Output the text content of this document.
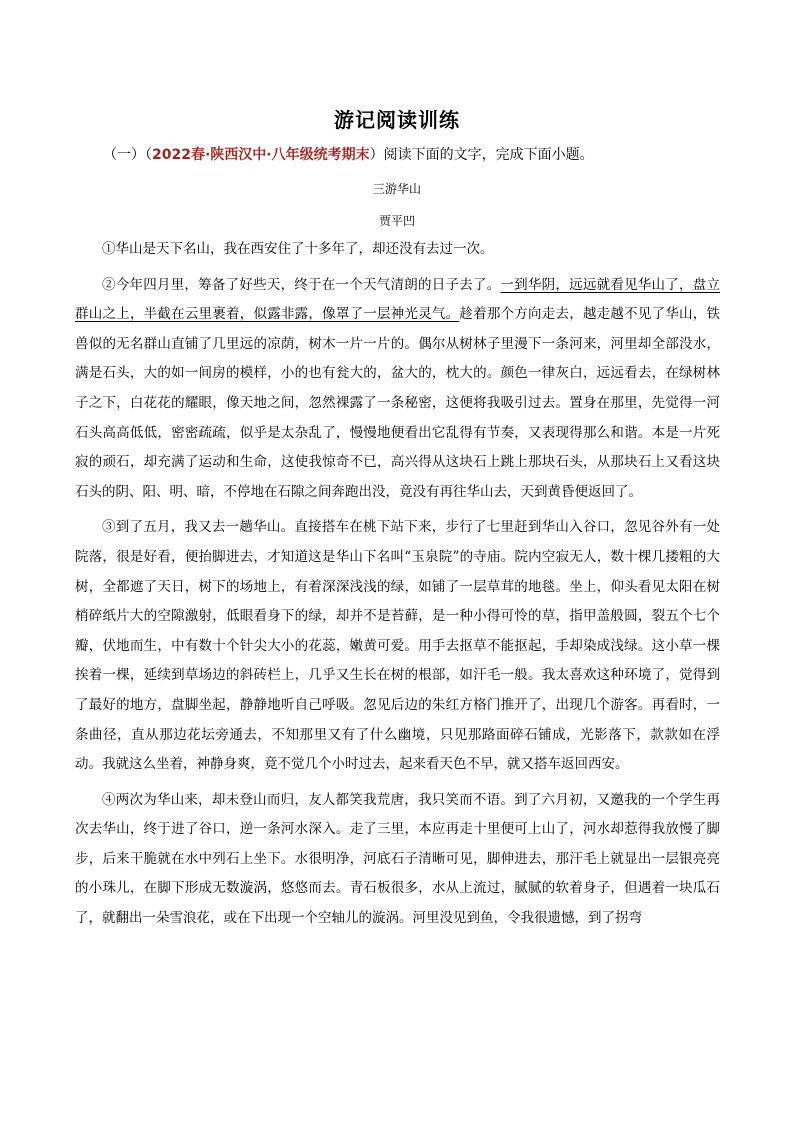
游记阅读训练
（一）（2022春·陕西汉中·八年级统考期末）阅读下面的文字，完成下面小题。
三游华山
贾平凹

①华山是天下名山，我在西安住了十多年了，却还没有去过一次。

②今年四月里，筹备了好些天，终于在一个天气清朗的日子去了。一到华阴，远远就看见华山了，盘立群山之上，半截在云里裹着，似露非露，像罩了一层神光灵气。趁着那个方向走去，越走越不见了华山，铁兽似的无名群山直铺了几里远的凉荫，树木一片一片的。偶尔从树林子里漫下一条河来，河里却全部没水，满是石头，大的如一间房的模样，小的也有瓮大的，盆大的，枕大的。颜色一律灰白，远远看去，在绿树林子之下，白花花的耀眼，像天地之间，忽然裸露了一条秘密，这便将我吸引过去。置身在那里，先觉得一河石头高高低低，密密疏疏，似乎是太杂乱了，慢慢地便看出它乱得有节奏，又表现得那么和谐。本是一片死寂的顽石，却充满了运动和生命，这使我惊奇不已，高兴得从这块石上跳上那块石头，从那块石上又看这块石头的阴、阳、明、暗，不停地在石隙之间奔跑出没，竟没有再往华山去，天到黄昏便返回了。

③到了五月，我又去一趟华山。直接搭车在桃下站下来，步行了七里赶到华山入谷口，忽见谷外有一处院落，很是好看，便抬脚进去，才知道这是华山下名叫“玉泉院”的寺庙。院内空寂无人，数十棵几搂粗的大树，全都遮了天日，树下的场地上，有着深深浅浅的绿，如铺了一层草茸的地毯。坐上，仰头看见太阳在树梢碎纸片大的空隙激射，低眼看身下的绿，却并不是苔藓，是一种小得可怜的草，指甲盖般圆，裂五个七个瓣，伏地而生，中有数十个针尖大小的花蕊，嫩黄可爱。用手去抠草不能抠起，手却染成浅绿。这小草一棵挨着一棵，延续到草场边的斜砖栏上，几乎又生长在树的根部，如汗毛一般。我太喜欢这种环境了，觉得到了最好的地方，盘脚坐起，静静地听自己呼吸。忽见后边的朱红方格门推开了，出现几个游客。再看时，一条曲径，直从那边花坛旁通去，不知那里又有了什么幽境，只见那路面碎石铺成，光影落下，款款如在浮动。我就这么坐着，神静身爽，竟不觉几个小时过去，起来看天色不早，就又搭车返回西安。

④两次为华山来，却未登山而归，友人都笑我荒唐，我只笑而不语。到了六月初，又邀我的一个学生再次去华山，终于进了谷口，逆一条河水深入。走了三里，本应再走十里便可上山了，河水却惹得我放慢了脚步，后来干脆就在水中列石上坐下。水很明净，河底石子清晰可见，脚伸进去，那汗毛上就显出一层银亮亮的小珠儿，在脚下形成无数漩涡，悠悠而去。青石板很多，水从上流过，腻腻的软着身子，但遇着一块瓜石了，就翻出一朵雪浪花，或在下出现一个空轴儿的漩涡。河里没见到鱼，令我很遗憾，到了拐弯
